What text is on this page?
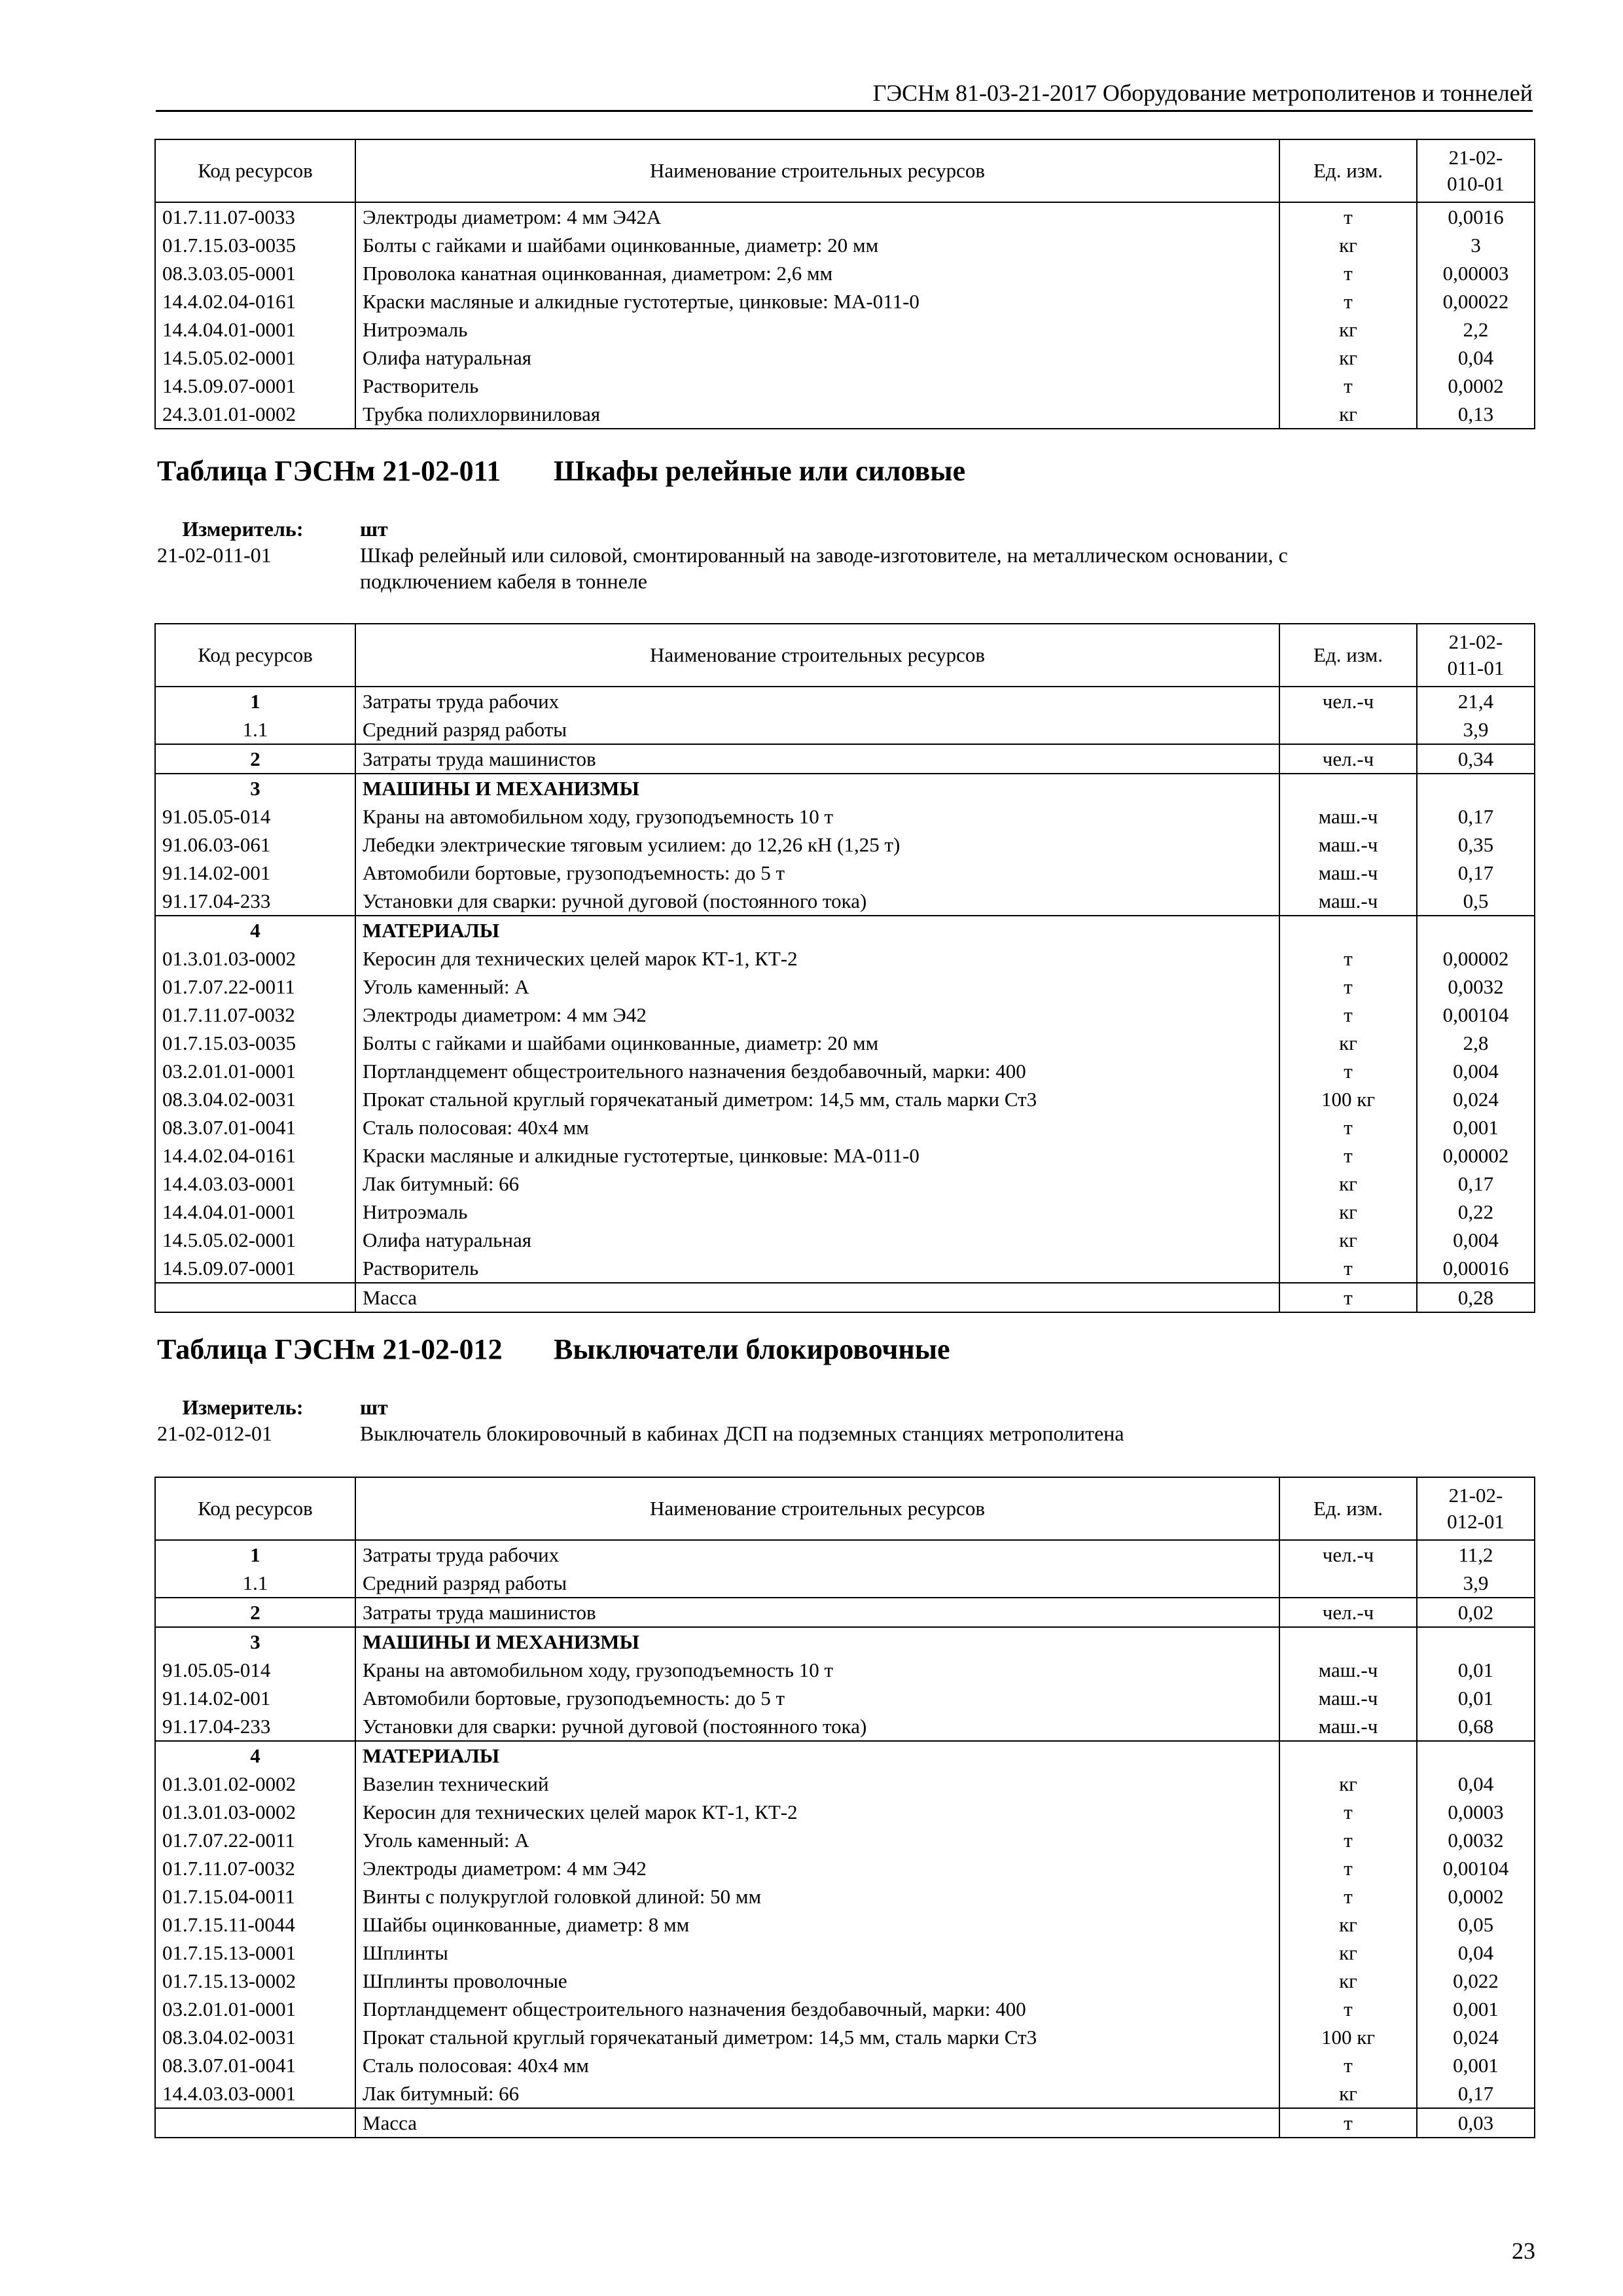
ГЭСНм 81-03-21-2017 Оборудование метрополитенов и тоннелей
Код ресурсов	Наименование строительных ресурсов	Ед. изм.	21-02-
010-01
01.7.11.07-0033	Электроды диаметром: 4 мм Э42А	т	0,0016
01.7.15.03-0035	Болты с гайками и шайбами оцинкованные, диаметр: 20 мм	кг	3
08.3.03.05-0001	Проволока канатная оцинкованная, диаметром: 2,6 мм	т	0,00003
14.4.02.04-0161	Краски масляные и алкидные густотертые, цинковые: МА-011-0	т	0,00022
14.4.04.01-0001	Нитроэмаль	кг	2,2
14.5.05.02-0001	Олифа натуральная	кг	0,04
14.5.09.07-0001	Растворитель	т	0,0002
24.3.01.01-0002	Трубка полихлорвиниловая	кг	0,13
Таблица ГЭСНм 21-02-011 Шкафы релейные или силовые
Измеритель:	шт
21-02-011-01	Шкаф релейный или силовой, смонтированный на заводе-изготовителе, на металлическом основании, с
подключением кабеля в тоннеле
Код ресурсов	Наименование строительных ресурсов	Ед. изм.	21-02-
011-01
1	Затраты труда рабочих	чел.-ч	21,4
1.1	Средний разряд работы		3,9
2	Затраты труда машинистов	чел.-ч	0,34
3	МАШИНЫ И МЕХАНИЗМЫ		
91.05.05-014	Краны на автомобильном ходу, грузоподъемность 10 т	маш.-ч	0,17
91.06.03-061	Лебедки электрические тяговым усилием: до 12,26 кН (1,25 т)	маш.-ч	0,35
91.14.02-001	Автомобили бортовые, грузоподъемность: до 5 т	маш.-ч	0,17
91.17.04-233	Установки для сварки: ручной дуговой (постоянного тока)	маш.-ч	0,5
4	МАТЕРИАЛЫ		
01.3.01.03-0002	Керосин для технических целей марок КТ-1, КТ-2	т	0,00002
01.7.07.22-0011	Уголь каменный: А	т	0,0032
01.7.11.07-0032	Электроды диаметром: 4 мм Э42	т	0,00104
01.7.15.03-0035	Болты с гайками и шайбами оцинкованные, диаметр: 20 мм	кг	2,8
03.2.01.01-0001	Портландцемент общестроительного назначения бездобавочный, марки: 400	т	0,004
08.3.04.02-0031	Прокат стальной круглый горячекатаный диметром: 14,5 мм, сталь марки Ст3	100 кг	0,024
08.3.07.01-0041	Сталь полосовая: 40х4 мм	т	0,001
14.4.02.04-0161	Краски масляные и алкидные густотертые, цинковые: МА-011-0	т	0,00002
14.4.03.03-0001	Лак битумный: 66	кг	0,17
14.4.04.01-0001	Нитроэмаль	кг	0,22
14.5.05.02-0001	Олифа натуральная	кг	0,004
14.5.09.07-0001	Растворитель	т	0,00016
	Масса	т	0,28
Таблица ГЭСНм 21-02-012 Выключатели блокировочные
Измеритель:	шт
21-02-012-01	Выключатель блокировочный в кабинах ДСП на подземных станциях метрополитена
Код ресурсов	Наименование строительных ресурсов	Ед. изм.	21-02-
012-01
1	Затраты труда рабочих	чел.-ч	11,2
1.1	Средний разряд работы		3,9
2	Затраты труда машинистов	чел.-ч	0,02
3	МАШИНЫ И МЕХАНИЗМЫ		
91.05.05-014	Краны на автомобильном ходу, грузоподъемность 10 т	маш.-ч	0,01
91.14.02-001	Автомобили бортовые, грузоподъемность: до 5 т	маш.-ч	0,01
91.17.04-233	Установки для сварки: ручной дуговой (постоянного тока)	маш.-ч	0,68
4	МАТЕРИАЛЫ		
01.3.01.02-0002	Вазелин технический	кг	0,04
01.3.01.03-0002	Керосин для технических целей марок КТ-1, КТ-2	т	0,0003
01.7.07.22-0011	Уголь каменный: А	т	0,0032
01.7.11.07-0032	Электроды диаметром: 4 мм Э42	т	0,00104
01.7.15.04-0011	Винты с полукруглой головкой длиной: 50 мм	т	0,0002
01.7.15.11-0044	Шайбы оцинкованные, диаметр: 8 мм	кг	0,05
01.7.15.13-0001	Шплинты	кг	0,04
01.7.15.13-0002	Шплинты проволочные	кг	0,022
03.2.01.01-0001	Портландцемент общестроительного назначения бездобавочный, марки: 400	т	0,001
08.3.04.02-0031	Прокат стальной круглый горячекатаный диметром: 14,5 мм, сталь марки Ст3	100 кг	0,024
08.3.07.01-0041	Сталь полосовая: 40х4 мм	т	0,001
14.4.03.03-0001	Лак битумный: 66	кг	0,17
	Масса	т	0,03
23
